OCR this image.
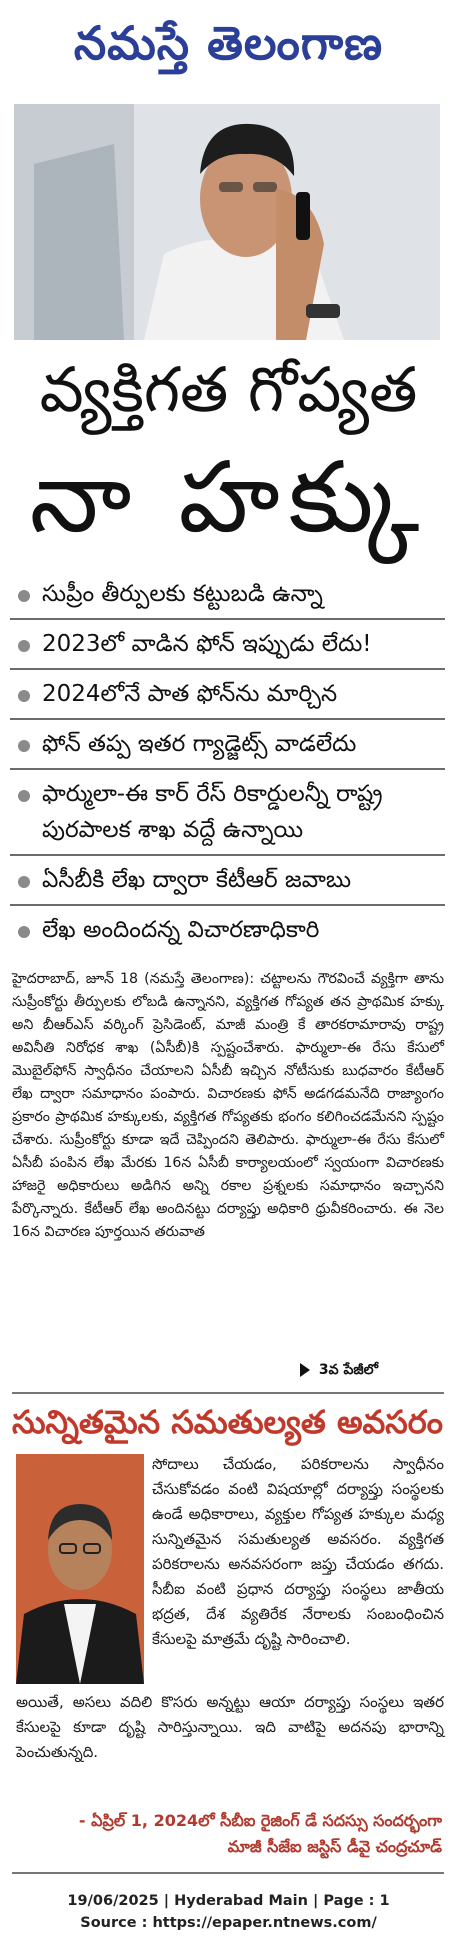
నమస్తే తెలంగాణ
వ్యక్తిగత గోప్యత
నా హక్కు
సుప్రీం తీర్పులకు కట్టుబడి ఉన్నా
2023లో వాడిన ఫోన్ ఇప్పుడు లేదు!
2024లోనే పాత ఫోన్‌ను మార్చిన
ఫోన్ తప్ప ఇతర గ్యాడ్జెట్స్ వాడలేదు
ఫార్ములా-ఈ కార్ రేస్ రికార్డులన్నీ రాష్ట్ర పురపాలక శాఖ వద్దే ఉన్నాయి
ఏసీబీకి లేఖ ద్వారా కేటీఆర్ జవాబు
లేఖ అందిందన్న విచారణాధికారి
హైదరాబాద్, జూన్ 18 (నమస్తే తెలంగాణ): చట్టాలను గౌరవించే వ్యక్తిగా తాను సుప్రీంకోర్టు తీర్పులకు లోబడి ఉన్నానని, వ్యక్తిగత గోప్యత తన ప్రాథమిక హక్కు అని బీఆర్ఎస్ వర్కింగ్ ప్రెసిడెంట్, మాజీ మంత్రి కే తారకరామారావు రాష్ట్ర అవినీతి నిరోధక శాఖ (ఏసీబీ)కి స్పష్టంచేశారు. ఫార్ములా-ఈ రేసు కేసులో మొబైల్‌ఫోన్ స్వాధీనం చేయాలని ఏసీబీ ఇచ్చిన నోటీసుకు బుధవారం కేటీఆర్ లేఖ ద్వారా సమాధానం పంపారు. విచారణకు ఫోన్ అడగడమనేది రాజ్యాంగం ప్రకారం ప్రాథమిక హక్కులకు, వ్యక్తిగత గోప్యతకు భంగం కలిగించడమేనని స్పష్టం చేశారు. సుప్రీంకోర్టు కూడా ఇదే చెప్పిందని తెలిపారు. ఫార్ములా-ఈ రేసు కేసులో ఏసీబీ పంపిన లేఖ మేరకు 16న ఏసీబీ కార్యాలయంలో స్వయంగా విచారణకు హాజరై అధికారులు అడిగిన అన్ని రకాల ప్రశ్నలకు సమాధానం ఇచ్చానని పేర్కొన్నారు. కేటీఆర్ లేఖ అందినట్టు దర్యాప్తు అధికారి ధ్రువీకరించారు. ఈ నెల 16న విచారణ పూర్తయిన తరువాత
3వ పేజీలో
సున్నితమైన సమతుల్యత అవసరం
సోదాలు చేయడం, పరికరాలను స్వాధీనం చేసుకోవడం వంటి విషయాల్లో దర్యాప్తు సంస్థలకు ఉండే అధికారాలు, వ్యక్తుల గోప్యత హక్కుల మధ్య సున్నితమైన సమతుల్యత అవసరం. వ్యక్తిగత పరికరాలను అనవసరంగా జప్తు చేయడం తగదు. సీబీఐ వంటి ప్రధాన దర్యాప్తు సంస్థలు జాతీయ భద్రత, దేశ వ్యతిరేక నేరాలకు సంబంధించిన కేసులపై మాత్రమే దృష్టి సారించాలి.
అయితే, అసలు వదిలి కొసరు అన్నట్టు ఆయా దర్యాప్తు సంస్థలు ఇతర కేసులపై కూడా దృష్టి సారిస్తున్నాయి. ఇది వాటిపై అదనపు భారాన్ని పెంచుతున్నది.
- ఏప్రిల్ 1, 2024లో సీబీఐ రైజింగ్ డే సదస్సు సందర్భంగా
మాజీ సీజేఐ జస్టిస్ డీవై చంద్రచూడ్
19/06/2025 | Hyderabad Main | Page : 1
Source : https://epaper.ntnews.com/
